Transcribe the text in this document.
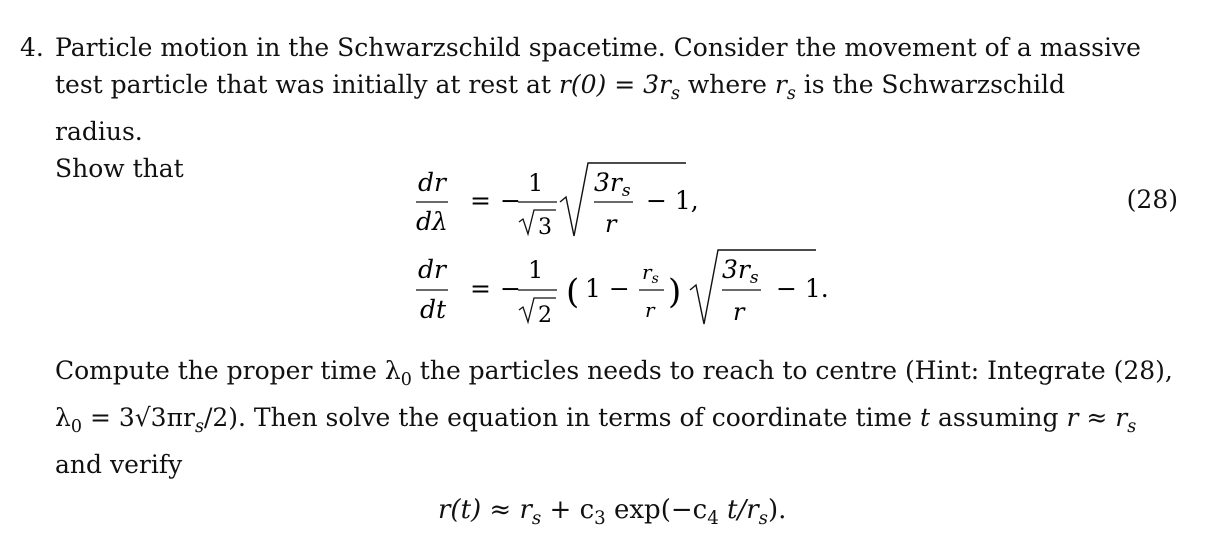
4. Particle motion in the Schwarzschild spacetime. Consider the movement of a massive
test particle that was initially at rest at $r(0) = 3r_s$ where $r_s$ is the Schwarzschild radius.
Show that	dr
dλ
= −
1
3
$3r_s$
r
− 1,
dr
dt
= −
1
2
( 1 −
$r_s$
r )
$3r_s$
r
− 1.
(28)
Compute the proper time $\lambda_0$ the particles needs to reach to centre (Hint: Integrate (28),
$\lambda_0 = 3√3\pi r_s/2$). Then solve the equation in terms of coordinate time t assuming $r \approx r_s$
and verify
$r(t) \approx r_s + c_3$ $\exp(-c_4$ $t/r_s$).
